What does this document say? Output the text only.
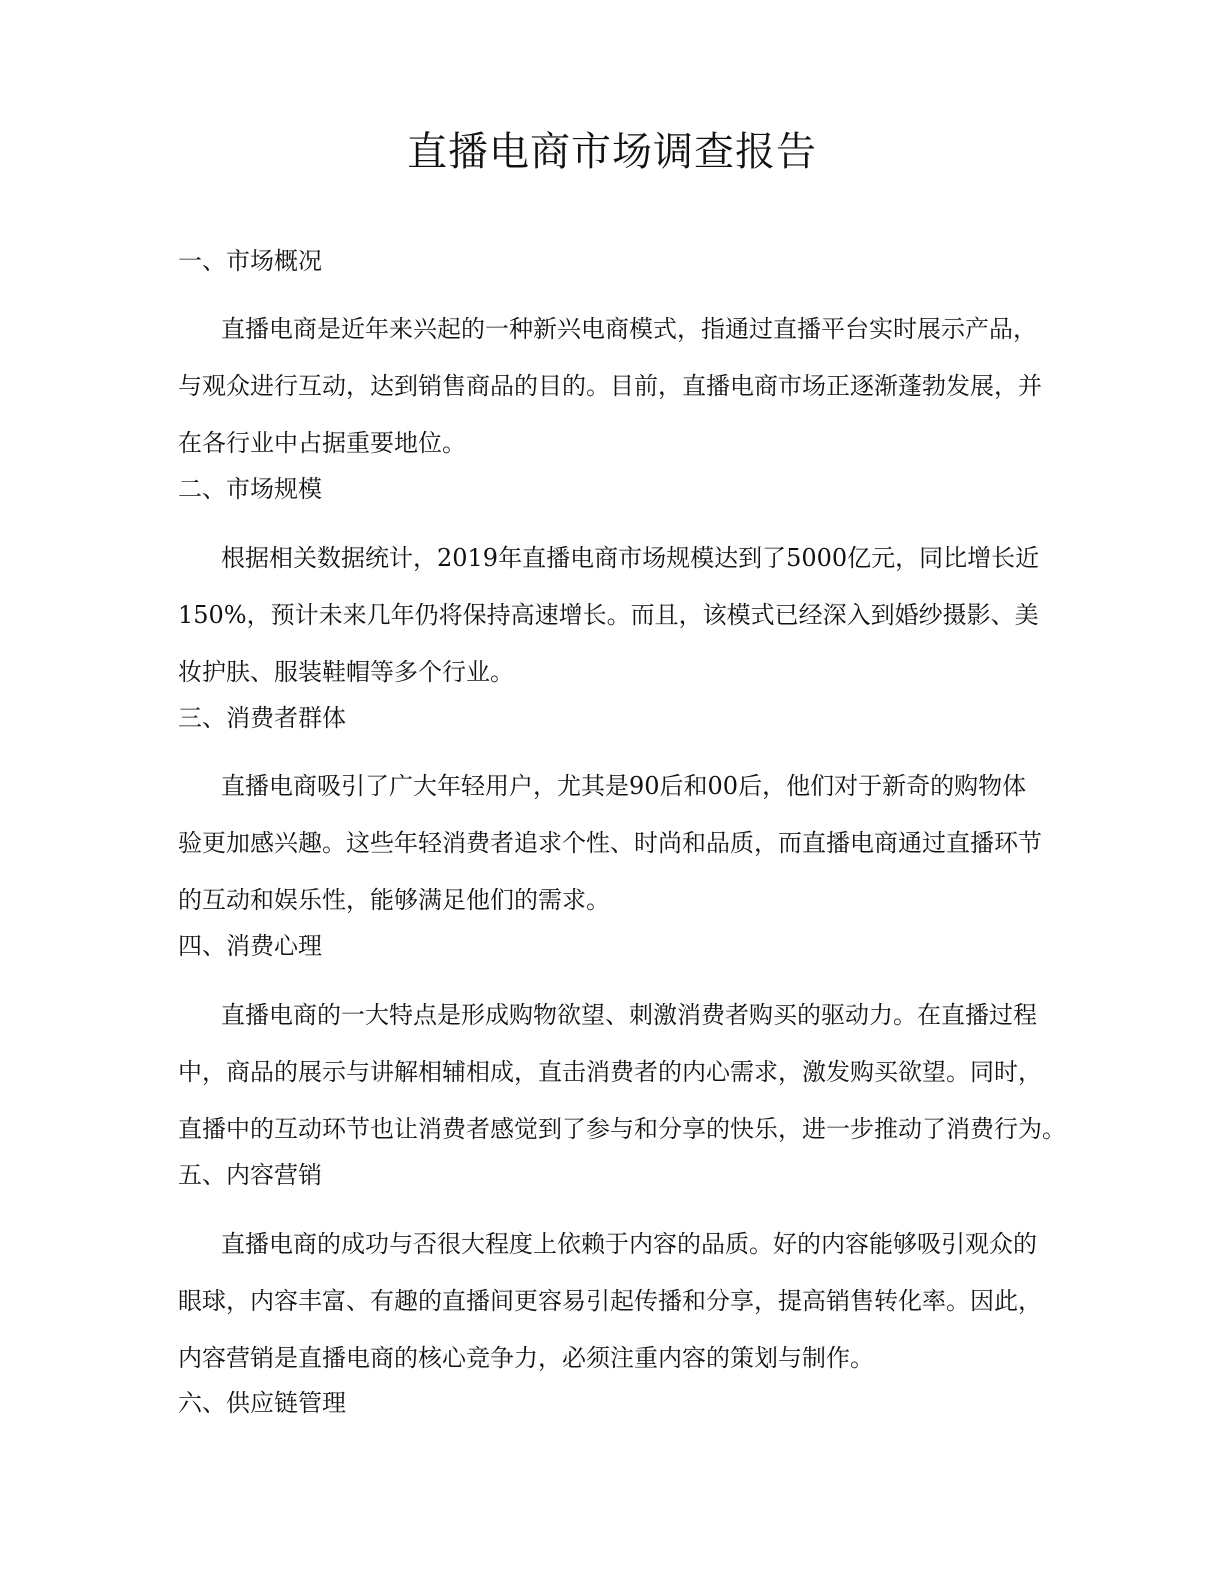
直播电商市场调查报告
一、市场概况
直播电商是近年来兴起的一种新兴电商模式，指通过直播平台实时展示产品，
与观众进行互动，达到销售商品的目的。目前，直播电商市场正逐渐蓬勃发展，并
在各行业中占据重要地位。
二、市场规模
根据相关数据统计，2019年直播电商市场规模达到了5000亿元，同比增长近
150%，预计未来几年仍将保持高速增长。而且，该模式已经深入到婚纱摄影、美
妆护肤、服装鞋帽等多个行业。
三、消费者群体
直播电商吸引了广大年轻用户，尤其是90后和00后，他们对于新奇的购物体
验更加感兴趣。这些年轻消费者追求个性、时尚和品质，而直播电商通过直播环节
的互动和娱乐性，能够满足他们的需求。
四、消费心理
直播电商的一大特点是形成购物欲望、刺激消费者购买的驱动力。在直播过程
中，商品的展示与讲解相辅相成，直击消费者的内心需求，激发购买欲望。同时，
直播中的互动环节也让消费者感觉到了参与和分享的快乐，进一步推动了消费行为。
五、内容营销
直播电商的成功与否很大程度上依赖于内容的品质。好的内容能够吸引观众的
眼球，内容丰富、有趣的直播间更容易引起传播和分享，提高销售转化率。因此，
内容营销是直播电商的核心竞争力，必须注重内容的策划与制作。
六、供应链管理
